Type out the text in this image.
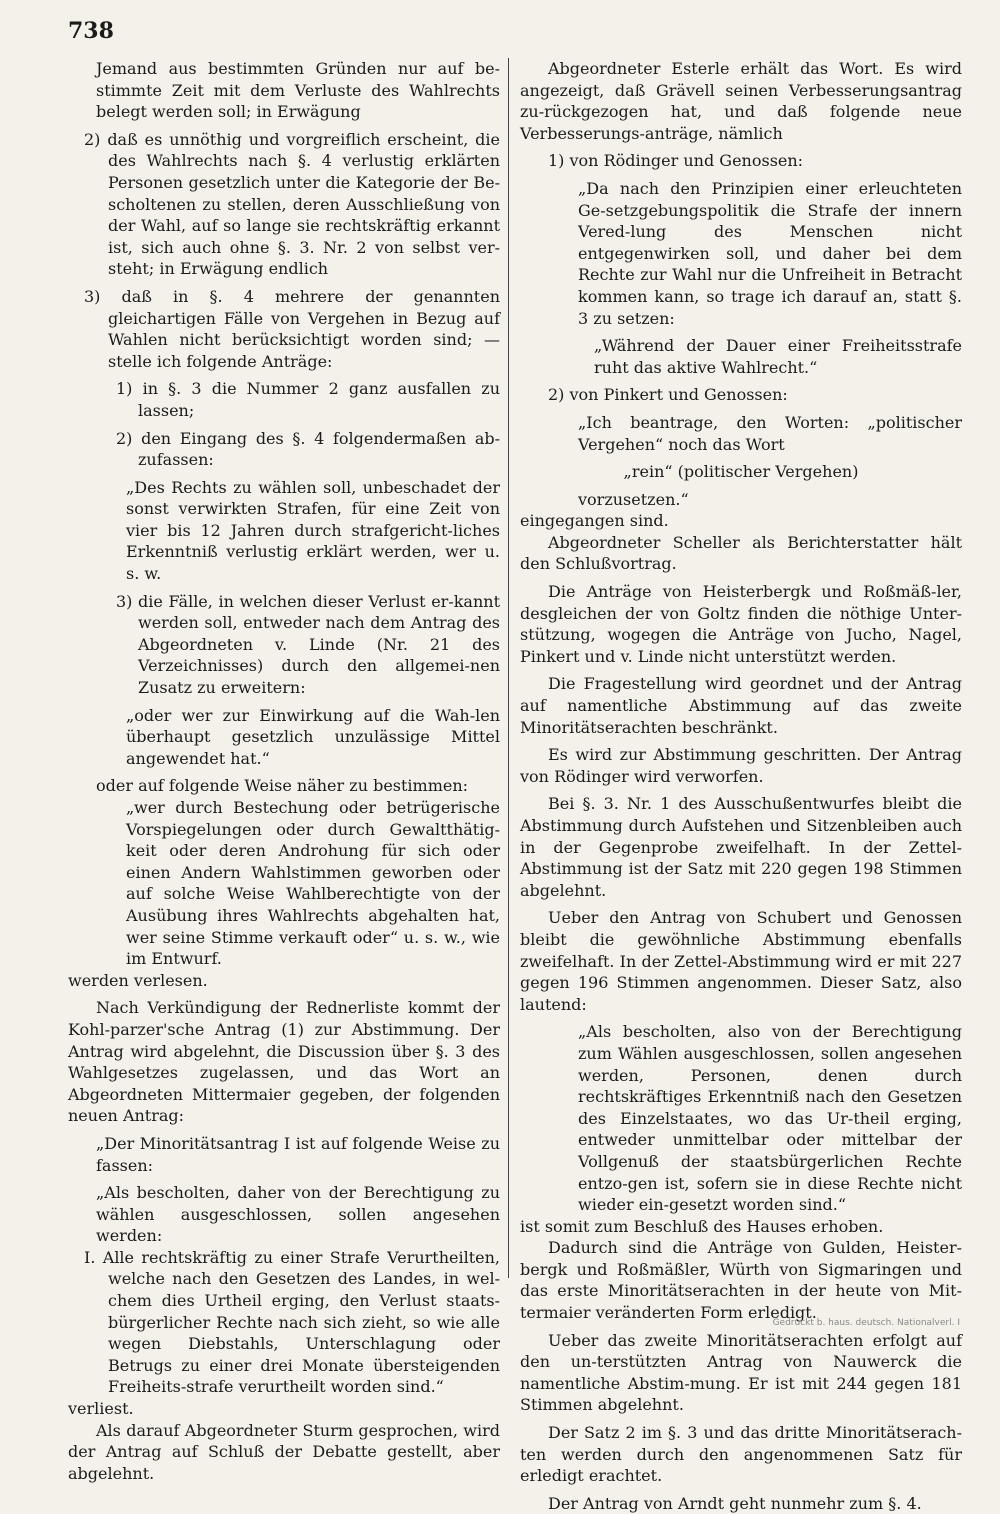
738

Jemand aus bestimmten Gründen nur auf be-stimmte Zeit mit dem Verluste des Wahlrechts belegt werden soll; in Erwägung

2) daß es unnöthig und vorgreiflich erscheint, die des Wahlrechts nach §. 4 verlustig erklärten Personen gesetzlich unter die Kategorie der Be-scholtenen zu stellen, deren Ausschließung von der Wahl, auf so lange sie rechtskräftig erkannt ist, sich auch ohne §. 3. Nr. 2 von selbst ver-steht; in Erwägung endlich

3) daß in §. 4 mehrere der genannten gleichartigen Fälle von Vergehen in Bezug auf Wahlen nicht berücksichtigt worden sind; — stelle ich folgende Anträge:

1) in §. 3 die Nummer 2 ganz ausfallen zu lassen;

2) den Eingang des §. 4 folgendermaßen ab-zufassen:

„Des Rechts zu wählen soll, unbeschadet der sonst verwirkten Strafen, für eine Zeit von vier bis 12 Jahren durch strafgericht-liches Erkenntniß verlustig erklärt werden, wer u. s. w.

3) die Fälle, in welchen dieser Verlust er-kannt werden soll, entweder nach dem Antrag des Abgeordneten v. Linde (Nr. 21 des Verzeichnisses) durch den allgemei-nen Zusatz zu erweitern:

„oder wer zur Einwirkung auf die Wah-len überhaupt gesetzlich unzulässige Mittel angewendet hat.“

oder auf folgende Weise näher zu bestimmen:

„wer durch Bestechung oder betrügerische Vorspiegelungen oder durch Gewaltthätig-keit oder deren Androhung für sich oder einen Andern Wahlstimmen geworben oder auf solche Weise Wahlberechtigte von der Ausübung ihres Wahlrechts abgehalten hat, wer seine Stimme verkauft oder“ u. s. w., wie im Entwurf.

werden verlesen.

Nach Verkündigung der Rednerliste kommt der Kohl-parzer'sche Antrag (1) zur Abstimmung. Der Antrag wird abgelehnt, die Discussion über §. 3 des Wahlgesetzes zugelassen, und das Wort an Abgeordneten Mittermaier gegeben, der folgenden neuen Antrag:

„Der Minoritätsantrag I ist auf folgende Weise zu fassen:

„Als bescholten, daher von der Berechtigung zu wählen ausgeschlossen, sollen angesehen werden:

I. Alle rechtskräftig zu einer Strafe Verurtheilten, welche nach den Gesetzen des Landes, in wel-chem dies Urtheil erging, den Verlust staats-bürgerlicher Rechte nach sich zieht, so wie alle wegen Diebstahls, Unterschlagung oder Betrugs zu einer drei Monate übersteigenden Freiheits-strafe verurtheilt worden sind.“

verliest.

Als darauf Abgeordneter Sturm gesprochen, wird der Antrag auf Schluß der Debatte gestellt, aber abgelehnt.

Abgeordneter Esterle erhält das Wort. Es wird angezeigt, daß Grävell seinen Verbesserungsantrag zu-rückgezogen hat, und daß folgende neue Verbesserungs-anträge, nämlich

1) von Rödinger und Genossen:

„Da nach den Prinzipien einer erleuchteten Ge-setzgebungspolitik die Strafe der innern Vered-lung des Menschen nicht entgegenwirken soll, und daher bei dem Rechte zur Wahl nur die Unfreiheit in Betracht kommen kann, so trage ich darauf an, statt §. 3 zu setzen:

„Während der Dauer einer Freiheitsstrafe ruht das aktive Wahlrecht.“

2) von Pinkert und Genossen:

„Ich beantrage, den Worten: „politischer Vergehen“ noch das Wort

„rein“ (politischer Vergehen)

vorzusetzen.“

eingegangen sind.

Abgeordneter Scheller als Berichterstatter hält den Schlußvortrag.

Die Anträge von Heisterbergk und Roßmäß-ler, desgleichen der von Goltz finden die nöthige Unter-stützung, wogegen die Anträge von Jucho, Nagel, Pinkert und v. Linde nicht unterstützt werden.

Die Fragestellung wird geordnet und der Antrag auf namentliche Abstimmung auf das zweite Minoritätserachten beschränkt.

Es wird zur Abstimmung geschritten. Der Antrag von Rödinger wird verworfen.

Bei §. 3. Nr. 1 des Ausschußentwurfes bleibt die Abstimmung durch Aufstehen und Sitzenbleiben auch in der Gegenprobe zweifelhaft. In der Zettel-Abstimmung ist der Satz mit 220 gegen 198 Stimmen abgelehnt.

Ueber den Antrag von Schubert und Genossen bleibt die gewöhnliche Abstimmung ebenfalls zweifelhaft. In der Zettel-Abstimmung wird er mit 227 gegen 196 Stimmen angenommen. Dieser Satz, also lautend:

„Als bescholten, also von der Berechtigung zum Wählen ausgeschlossen, sollen angesehen werden, Personen, denen durch rechtskräftiges Erkenntniß nach den Gesetzen des Einzelstaates, wo das Ur-theil erging, entweder unmittelbar oder mittelbar der Vollgenuß der staatsbürgerlichen Rechte entzo-gen ist, sofern sie in diese Rechte nicht wieder ein-gesetzt worden sind.“

ist somit zum Beschluß des Hauses erhoben.

Dadurch sind die Anträge von Gulden, Heister-bergk und Roßmäßler, Würth von Sigmaringen und das erste Minoritätserachten in der heute von Mit-termaier veränderten Form erledigt.

Ueber das zweite Minoritätserachten erfolgt auf den un-terstützten Antrag von Nauwerck die namentliche Abstim-mung. Er ist mit 244 gegen 181 Stimmen abgelehnt.

Der Satz 2 im §. 3 und das dritte Minoritätserach-ten werden durch den angenommenen Satz für erledigt erachtet.

Der Antrag von Arndt geht nunmehr zum §. 4.

Gedruckt b. haus. deutsch. Nationalverl. I
